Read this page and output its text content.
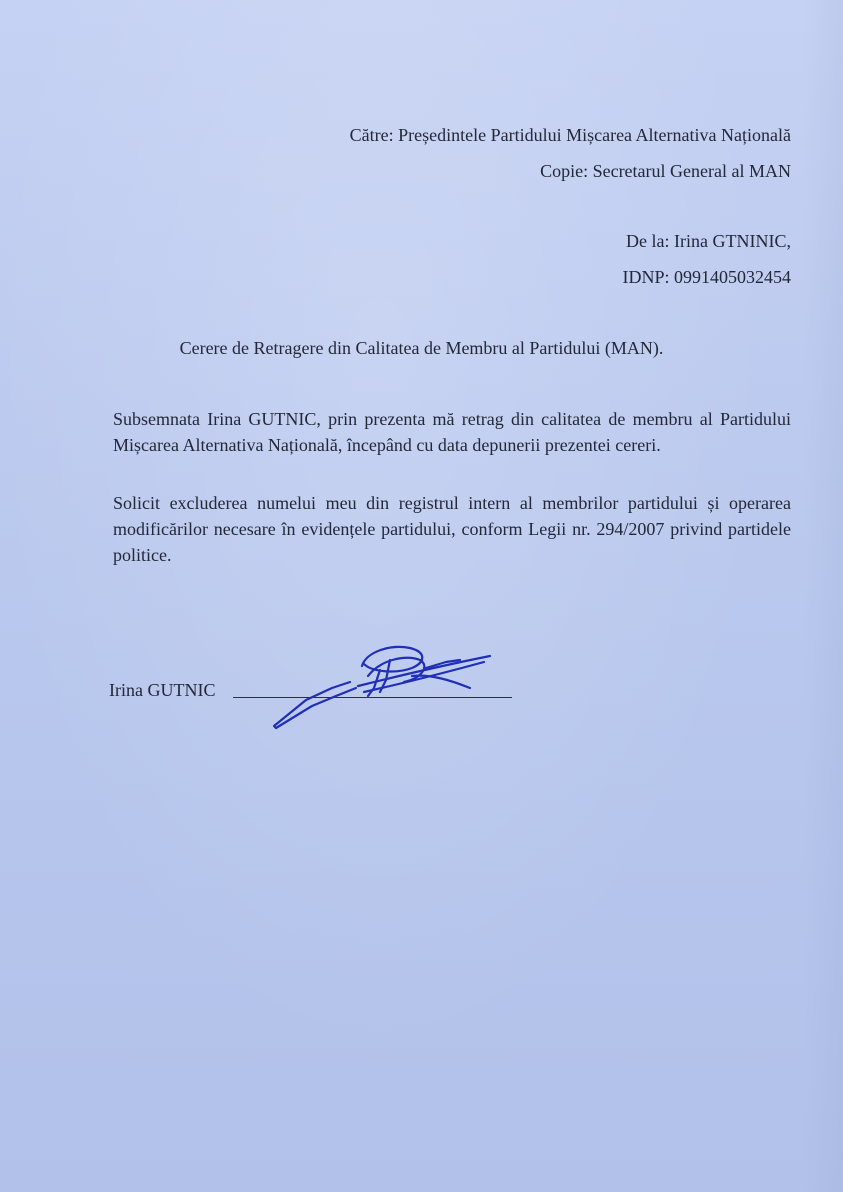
Către: Președintele Partidului Mișcarea Alternativa Națională
Copie: Secretarul General al MAN
De la: Irina GTNINIC,
IDNP: 0991405032454
Cerere de Retragere din Calitatea de Membru al Partidului (MAN).

Subsemnata Irina GUTNIC, prin prezenta mă retrag din calitatea de membru al Partidului Mișcarea Alternativa Națională, începând cu data depunerii prezentei cereri.

Solicit excluderea numelui meu din registrul intern al membrilor partidului și operarea modificărilor necesare în evidențele partidului, conform Legii nr. 294/2007 privind partidele politice.

Irina GUTNIC
